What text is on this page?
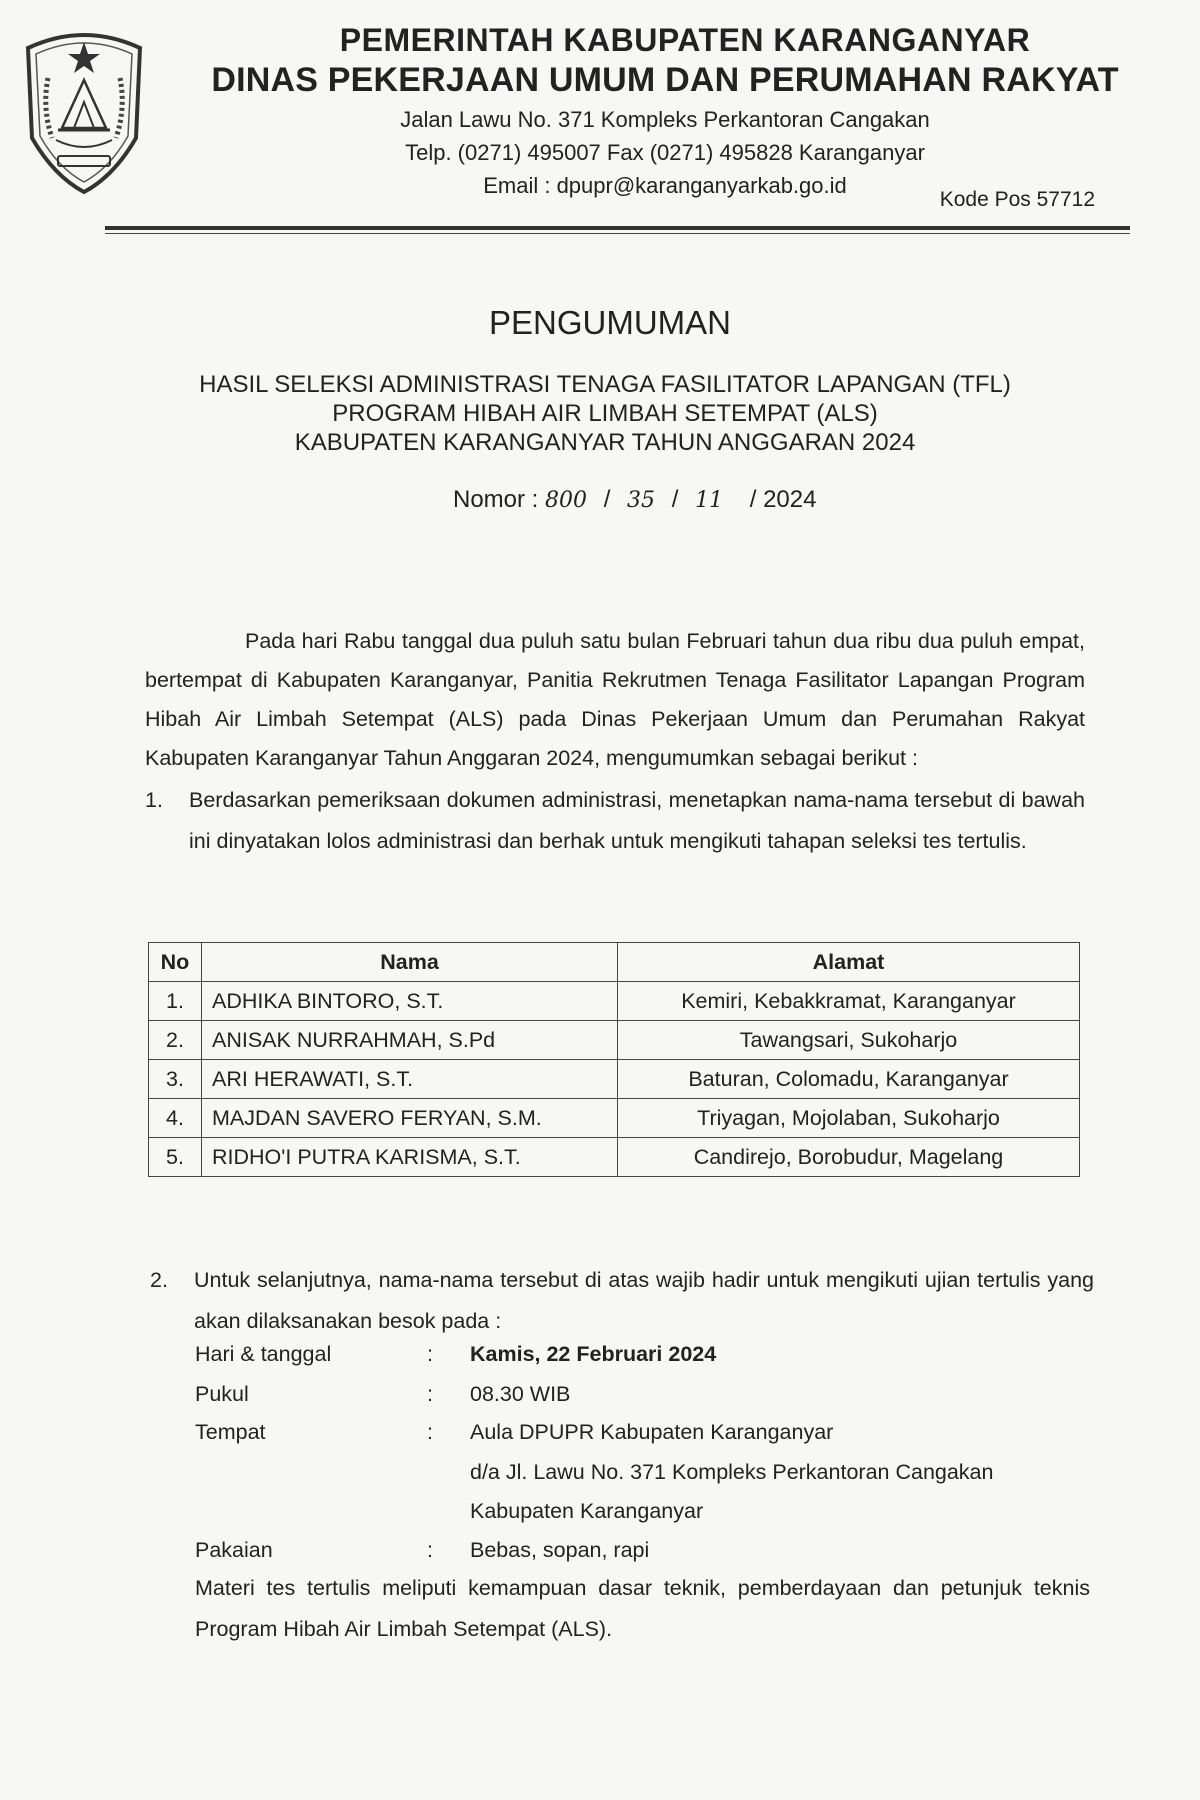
PEMERINTAH KABUPATEN KARANGANYAR
DINAS PEKERJAAN UMUM DAN PERUMAHAN RAKYAT
Jalan Lawu No. 371 Kompleks Perkantoran Cangakan
Telp. (0271) 495007 Fax (0271) 495828 Karanganyar
Email : dpupr@karanganyarkab.go.id
Kode Pos 57712
PENGUMUMAN
HASIL SELEKSI ADMINISTRASI TENAGA FASILITATOR LAPANGAN (TFL)
PROGRAM HIBAH AIR LIMBAH SETEMPAT (ALS)
KABUPATEN KARANGANYAR TAHUN ANGGARAN 2024
Nomor : 800 / 35 / 11 / 2024
Pada hari Rabu tanggal dua puluh satu bulan Februari tahun dua ribu dua puluh empat, bertempat di Kabupaten Karanganyar, Panitia Rekrutmen Tenaga Fasilitator Lapangan Program Hibah Air Limbah Setempat (ALS) pada Dinas Pekerjaan Umum dan Perumahan Rakyat Kabupaten Karanganyar Tahun Anggaran 2024, mengumumkan sebagai berikut :
1. Berdasarkan pemeriksaan dokumen administrasi, menetapkan nama-nama tersebut di bawah ini dinyatakan lolos administrasi dan berhak untuk mengikuti tahapan seleksi tes tertulis.
No	Nama	Alamat
1.	ADHIKA BINTORO, S.T.	Kemiri, Kebakkramat, Karanganyar
2.	ANISAK NURRAHMAH, S.Pd	Tawangsari, Sukoharjo
3.	ARI HERAWATI, S.T.	Baturan, Colomadu, Karanganyar
4.	MAJDAN SAVERO FERYAN, S.M.	Triyagan, Mojolaban, Sukoharjo
5.	RIDHO'I PUTRA KARISMA, S.T.	Candirejo, Borobudur, Magelang
2. Untuk selanjutnya, nama-nama tersebut di atas wajib hadir untuk mengikuti ujian tertulis yang akan dilaksanakan besok pada :
Hari & tanggal	: Kamis, 22 Februari 2024
Pukul	: 08.30 WIB
Tempat	: Aula DPUPR Kabupaten Karanganyar
d/a Jl. Lawu No. 371 Kompleks Perkantoran Cangakan
Kabupaten Karanganyar
Pakaian	: Bebas, sopan, rapi
Materi tes tertulis meliputi kemampuan dasar teknik, pemberdayaan dan petunjuk teknis Program Hibah Air Limbah Setempat (ALS).
